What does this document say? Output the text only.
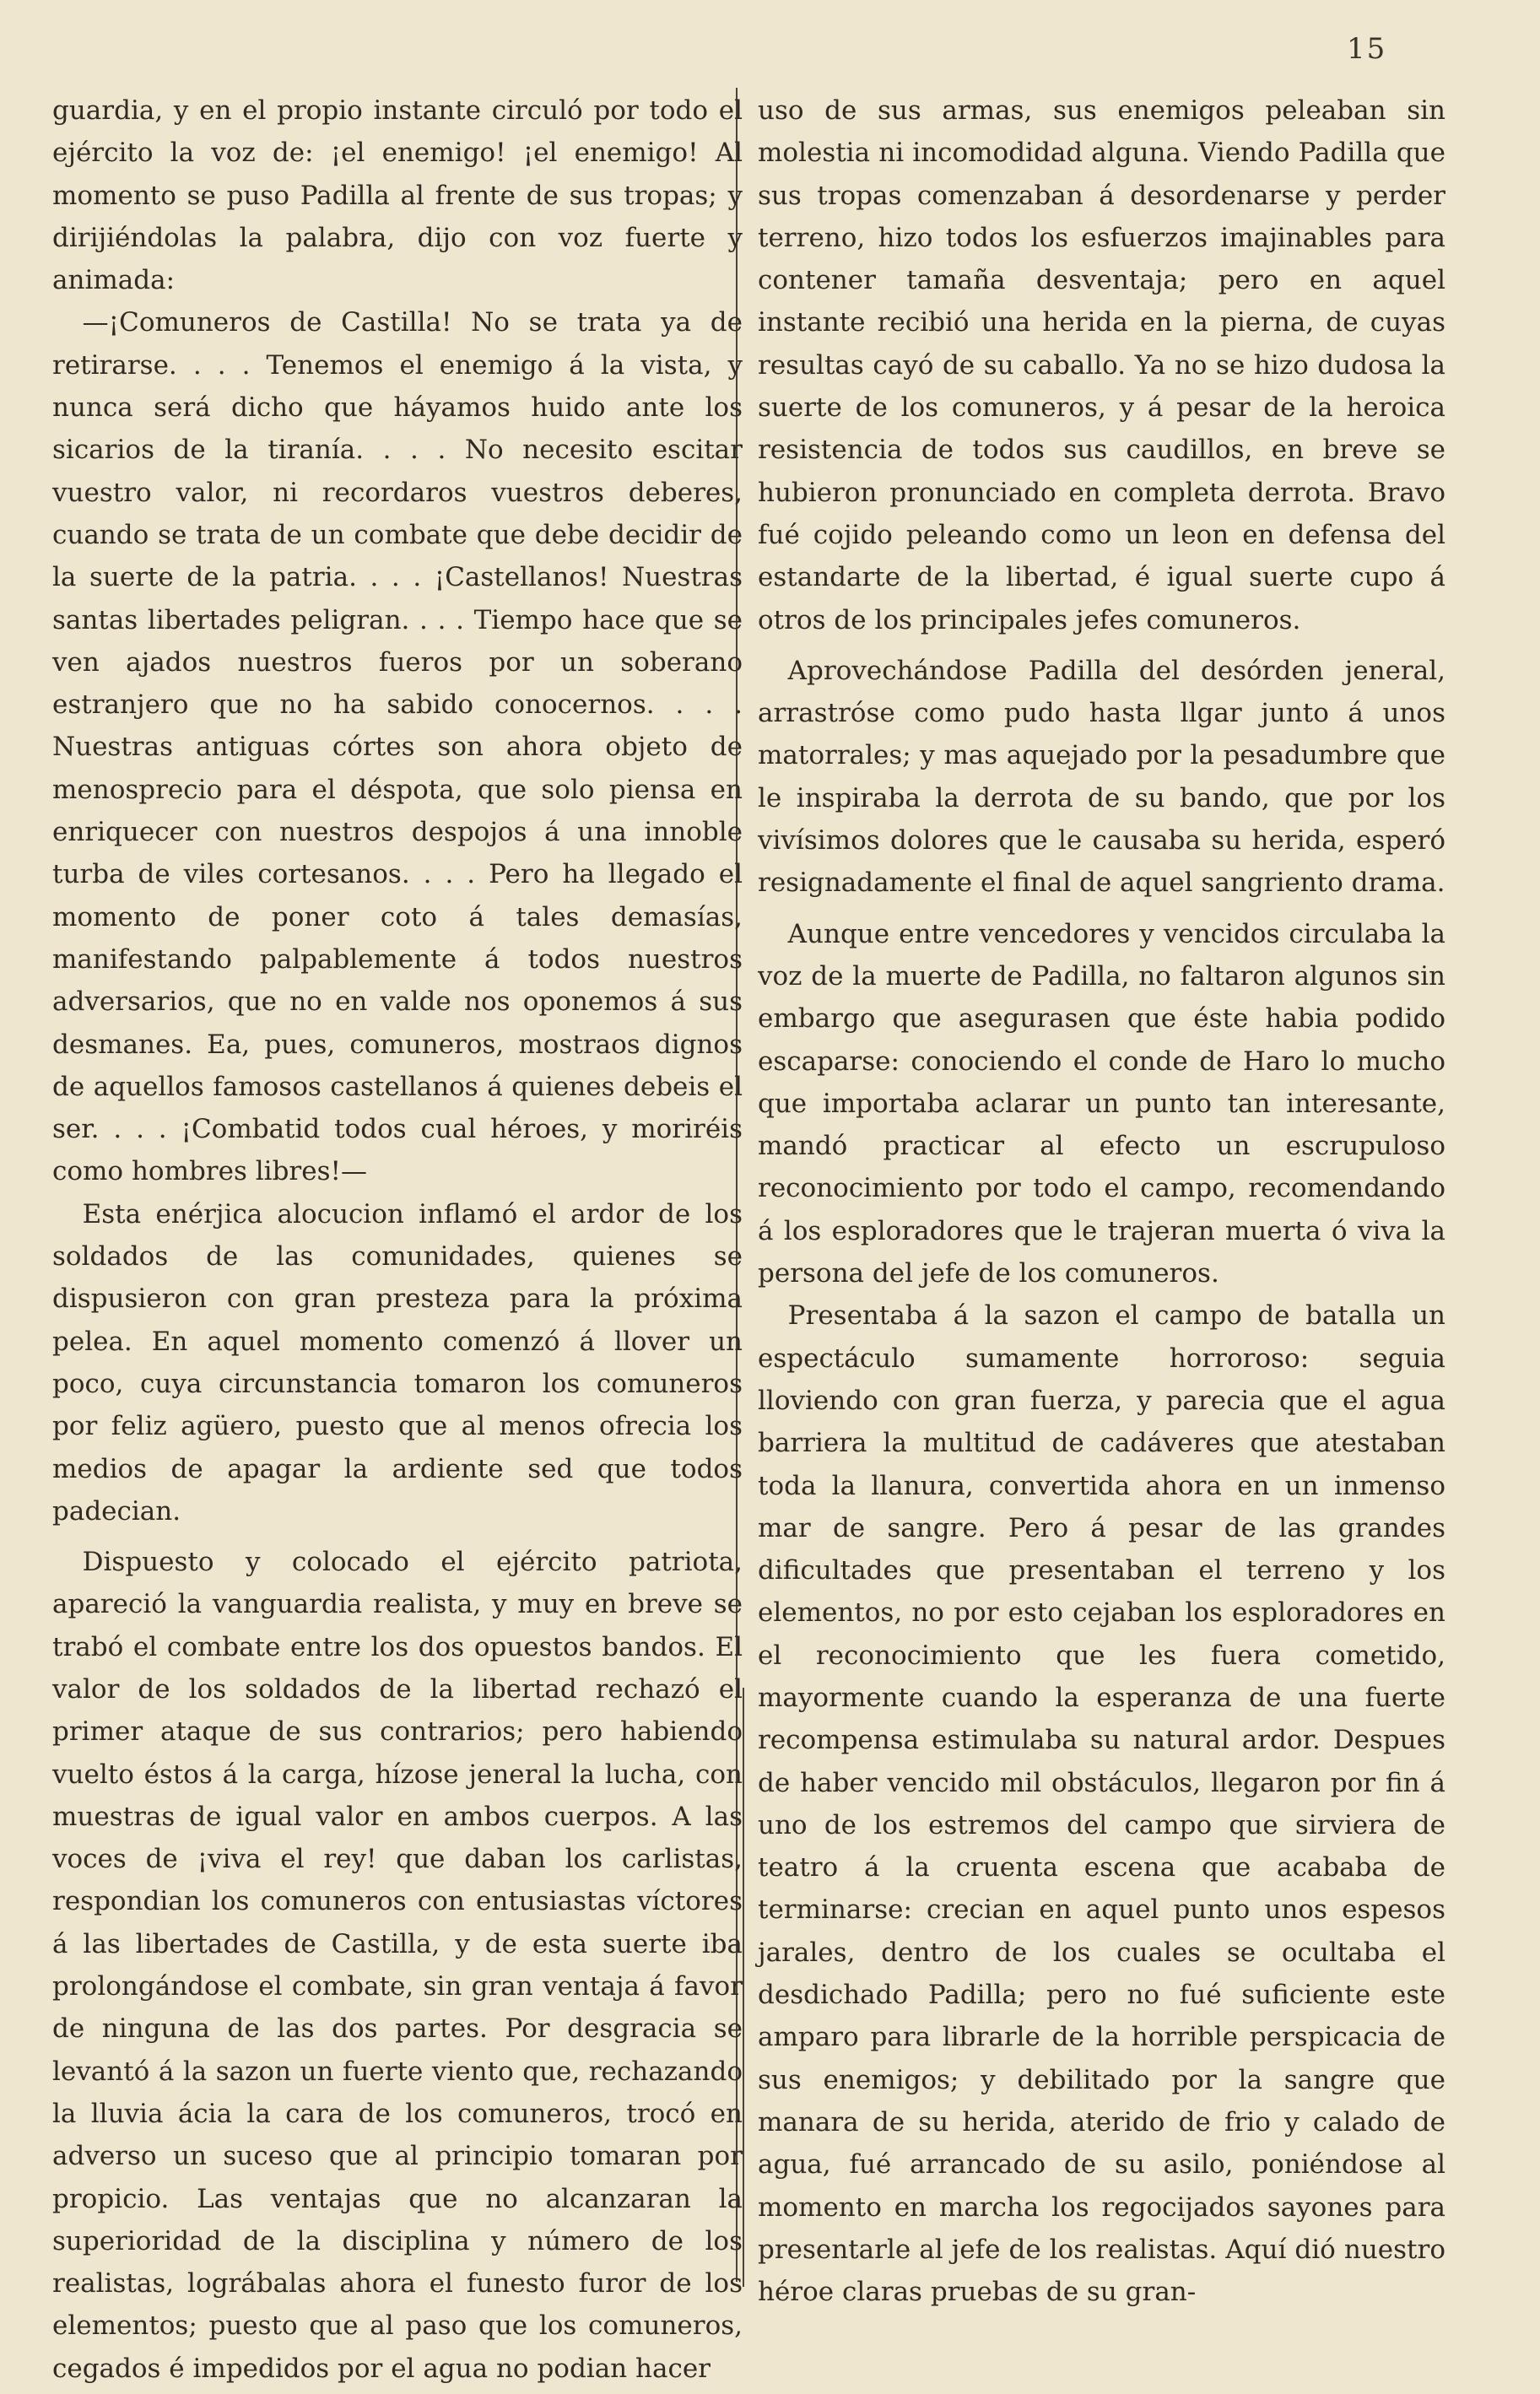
15

guardia, y en el propio instante circuló por todo el ejército la voz de: ¡el enemigo! ¡el enemigo! Al momento se puso Padilla al frente de sus tropas; y dirijiéndolas la palabra, dijo con voz fuerte y animada:

—¡Comuneros de Castilla! No se trata ya de retirarse. . . . Tenemos el enemigo á la vista, y nunca será dicho que háyamos huido ante los sicarios de la tiranía. . . . No necesito escitar vuestro valor, ni recordaros vuestros deberes, cuando se trata de un combate que debe decidir de la suerte de la patria. . . . ¡Castellanos! Nuestras santas libertades peligran. . . . Tiempo hace que se ven ajados nuestros fueros por un soberano estranjero que no ha sabido conocernos. . . . Nuestras antiguas córtes son ahora objeto de menosprecio para el déspota, que solo piensa en enriquecer con nuestros despojos á una innoble turba de viles cortesanos. . . . Pero ha llegado el momento de poner coto á tales demasías, manifestando palpablemente á todos nuestros adversarios, que no en valde nos oponemos á sus desmanes. Ea, pues, comuneros, mostraos dignos de aquellos famosos castellanos á quienes debeis el ser. . . . ¡Combatid todos cual héroes, y moriréis como hombres libres!—

Esta enérjica alocucion inflamó el ardor de los soldados de las comunidades, quienes se dispusieron con gran presteza para la próxima pelea. En aquel momento comenzó á llover un poco, cuya circunstancia tomaron los comuneros por feliz agüero, puesto que al menos ofrecia los medios de apagar la ardiente sed que todos padecian.

Dispuesto y colocado el ejército patriota, apareció la vanguardia realista, y muy en breve se trabó el combate entre los dos opuestos bandos. El valor de los soldados de la libertad rechazó el primer ataque de sus contrarios; pero habiendo vuelto éstos á la carga, hízose jeneral la lucha, con muestras de igual valor en ambos cuerpos. A las voces de ¡viva el rey! que daban los carlistas, respondian los comuneros con entusiastas víctores á las libertades de Castilla, y de esta suerte iba prolongándose el combate, sin gran ventaja á favor de ninguna de las dos partes. Por desgracia se levantó á la sazon un fuerte viento que, rechazando la lluvia ácia la cara de los comuneros, trocó en adverso un suceso que al principio tomaran por propicio. Las ventajas que no alcanzaran la superioridad de la disciplina y número de los realistas, lográbalas ahora el funesto furor de los elementos; puesto que al paso que los comuneros, cegados é impedidos por el agua no podian hacer

uso de sus armas, sus enemigos peleaban sin molestia ni incomodidad alguna. Viendo Padilla que sus tropas comenzaban á desordenarse y perder terreno, hizo todos los esfuerzos imajinables para contener tamaña desventaja; pero en aquel instante recibió una herida en la pierna, de cuyas resultas cayó de su caballo. Ya no se hizo dudosa la suerte de los comuneros, y á pesar de la heroica resistencia de todos sus caudillos, en breve se hubieron pronunciado en completa derrota. Bravo fué cojido peleando como un leon en defensa del estandarte de la libertad, é igual suerte cupo á otros de los principales jefes comuneros.

Aprovechándose Padilla del desórden jeneral, arrastróse como pudo hasta llgar junto á unos matorrales; y mas aquejado por la pesadumbre que le inspiraba la derrota de su bando, que por los vivísimos dolores que le causaba su herida, esperó resignadamente el final de aquel sangriento drama.

Aunque entre vencedores y vencidos circulaba la voz de la muerte de Padilla, no faltaron algunos sin embargo que asegurasen que éste habia podido escaparse: conociendo el conde de Haro lo mucho que importaba aclarar un punto tan interesante, mandó practicar al efecto un escrupuloso reconocimiento por todo el campo, recomendando á los esploradores que le trajeran muerta ó viva la persona del jefe de los comuneros.

Presentaba á la sazon el campo de batalla un espectáculo sumamente horroroso: seguia lloviendo con gran fuerza, y parecia que el agua barriera la multitud de cadáveres que atestaban toda la llanura, convertida ahora en un inmenso mar de sangre. Pero á pesar de las grandes dificultades que presentaban el terreno y los elementos, no por esto cejaban los esploradores en el reconocimiento que les fuera cometido, mayormente cuando la esperanza de una fuerte recompensa estimulaba su natural ardor. Despues de haber vencido mil obstáculos, llegaron por fin á uno de los estremos del campo que sirviera de teatro á la cruenta escena que acababa de terminarse: crecian en aquel punto unos espesos jarales, dentro de los cuales se ocultaba el desdichado Padilla; pero no fué suficiente este amparo para librarle de la horrible perspicacia de sus enemigos; y debilitado por la sangre que manara de su herida, aterido de frio y calado de agua, fué arrancado de su asilo, poniéndose al momento en marcha los regocijados sayones para presentarle al jefe de los realistas. Aquí dió nuestro héroe claras pruebas de su gran-
